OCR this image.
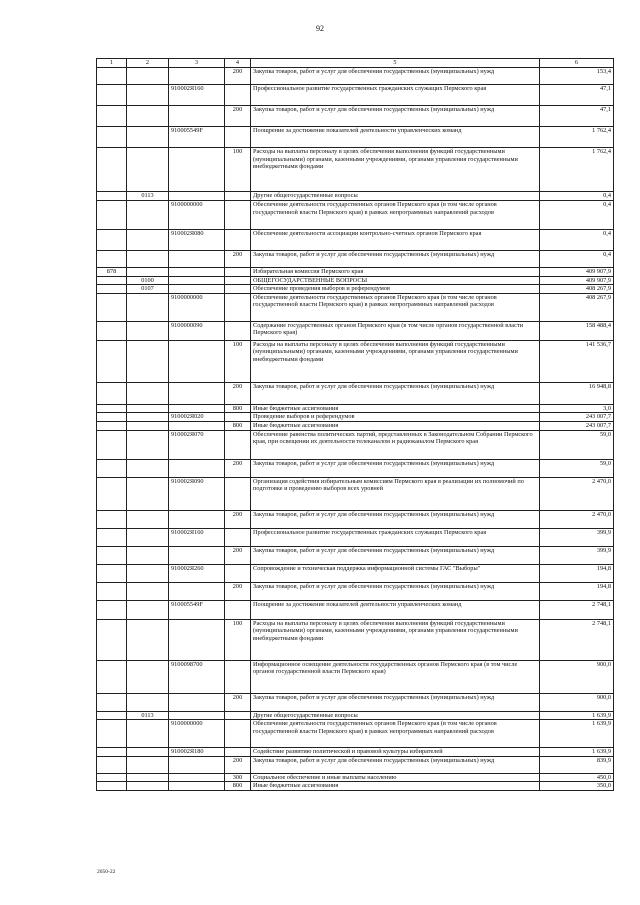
92
1	2	3	4	5	6
			200	Закупка товаров, работ и услуг для обеспечения государственных (муниципальных) нужд	153,4
		910002Я160		Профессиональное развитие государственных гражданских служащих Пермского края	47,1
			200	Закупка товаров, работ и услуг для обеспечения государственных (муниципальных) нужд	47,1
		910005549F		Поощрение за достижение показателей деятельности управленческих команд	1 762,4
			100	Расходы на выплаты персоналу в целях обеспечения выполнения функций государственными (муниципальными) органами, казенными учреждениями, органами управления государственными внебюджетными фондами	1 762,4
	0113			Другие общегосударственные вопросы	0,4
		9100000000		Обеспечение деятельности государственных органов Пермского края (в том числе органов государственной власти Пермского края) в рамках непрограммных направлений расходов	0,4
		910002Я080		Обеспечение деятельности ассоциации контрольно-счетных органов Пермского края	0,4
			200	Закупка товаров, работ и услуг для обеспечения государственных (муниципальных) нужд	0,4
878				Избирательная комиссия Пермского края	409 907,9
	0100			ОБЩЕГОСУДАРСТВЕННЫЕ ВОПРОСЫ	409 907,9
	0107			Обеспечение проведения выборов и референдумов	408 267,9
		9100000000		Обеспечение деятельности государственных органов Пермского края (в том числе органов государственной власти Пермского края) в рамках непрограммных направлений расходов	408 267,9
		9100000090		Содержание государственных органов Пермского края (в том числе органов государственной власти Пермского края)	158 488,4
			100	Расходы на выплаты персоналу в целях обеспечения выполнения функций государственными (муниципальными) органами, казенными учреждениями, органами управления государственными внебюджетными фондами	141 536,7
			200	Закупка товаров, работ и услуг для обеспечения государственных (муниципальных) нужд	16 948,8
			800	Иные бюджетные ассигнования	3,0
		910002Я020		Проведение выборов и референдумов	243 007,7
			800	Иные бюджетные ассигнования	243 007,7
		910002Я070		Обеспечение равенства политических партий, представленных в Законодательном Собрании Пермского края, при освещении их деятельности телеканалом и радиоканалом Пермского края	59,0
			200	Закупка товаров, работ и услуг для обеспечения государственных (муниципальных) нужд	59,0
		910002Я090		Организация содействия избирательным комиссиям Пермского края в реализации их полномочий по подготовке и проведению выборов всех уровней	2 470,0
			200	Закупка товаров, работ и услуг для обеспечения государственных (муниципальных) нужд	2 470,0
		910002Я160		Профессиональное развитие государственных гражданских служащих Пермского края	399,9
			200	Закупка товаров, работ и услуг для обеспечения государственных (муниципальных) нужд	399,9
		910002Я260		Сопровождение и техническая поддержка информационной системы ГАС "Выборы"	194,8
			200	Закупка товаров, работ и услуг для обеспечения государственных (муниципальных) нужд	194,8
		910005549F		Поощрение за достижение показателей деятельности управленческих команд	2 748,1
			100	Расходы на выплаты персоналу в целях обеспечения выполнения функций государственными (муниципальными) органами, казенными учреждениями, органами управления государственными внебюджетными фондами	2 748,1
		9100098700		Информационное освещение деятельности государственных органов Пермского края (в том числе органов государственной власти Пермского края)	900,0
			200	Закупка товаров, работ и услуг для обеспечения государственных (муниципальных) нужд	900,0
	0113			Другие общегосударственные вопросы	1 639,9
		9100000000		Обеспечение деятельности государственных органов Пермского края (в том числе органов государственной власти Пермского края) в рамках непрограммных направлений расходов	1 639,9
		910002Я180		Содействие развитию политической и правовой культуры избирателей	1 639,9
			200	Закупка товаров, работ и услуг для обеспечения государственных (муниципальных) нужд	839,9
			300	Социальное обеспечение и иные выплаты населению	450,0
			800	Иные бюджетные ассигнования	350,0
2050-22
